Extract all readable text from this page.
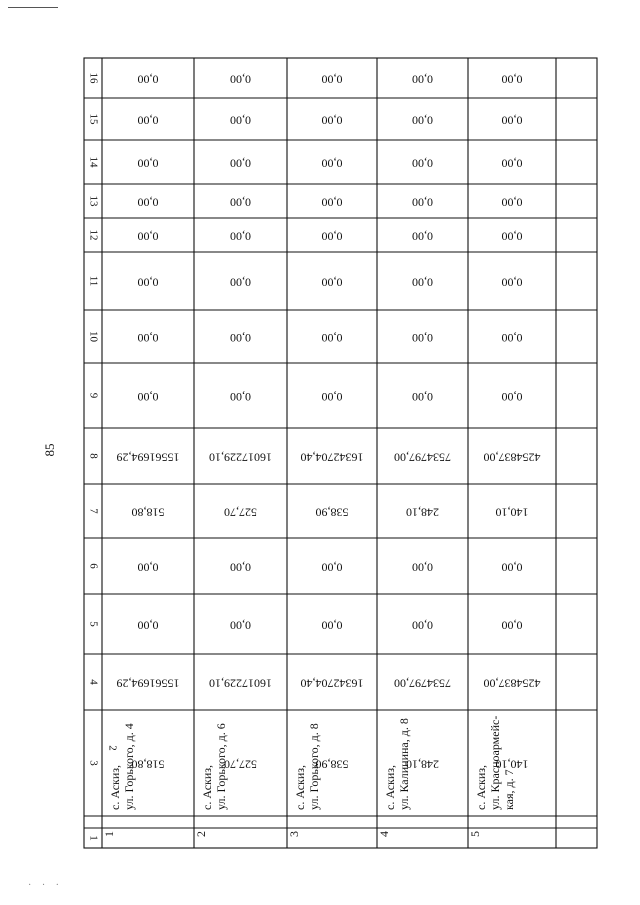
85
· · ·
16
15
14
13
12
11
10
9
8
7
6
5
4
3
2
1
0,00
0,00
0,00
0,00
0,00
0,00
0,00
0,00
15561694,29
518,80
0,00
0,00
15561694,29
518,80
с. Аскиз, ул. Горького, д. 4
1
0,00
0,00
0,00
0,00
0,00
0,00
0,00
0,00
16017229,10
527,70
0,00
0,00
16017229,10
527,70
с. Аскиз, ул. Горького, д. 6
2
0,00
0,00
0,00
0,00
0,00
0,00
0,00
0,00
16342704,40
538,90
0,00
0,00
16342704,40
538,90
с. Аскиз, ул. Горького, д. 8
3
0,00
0,00
0,00
0,00
0,00
0,00
0,00
0,00
7534797,00
248,10
0,00
0,00
7534797,00
248,10
с. Аскиз, ул. Калинина, д. 8
4
0,00
0,00
0,00
0,00
0,00
0,00
0,00
0,00
4254837,00
140,10
0,00
0,00
4254837,00
140,10
с. Аскиз, ул. Красноармейс- кая, д. 7
5
